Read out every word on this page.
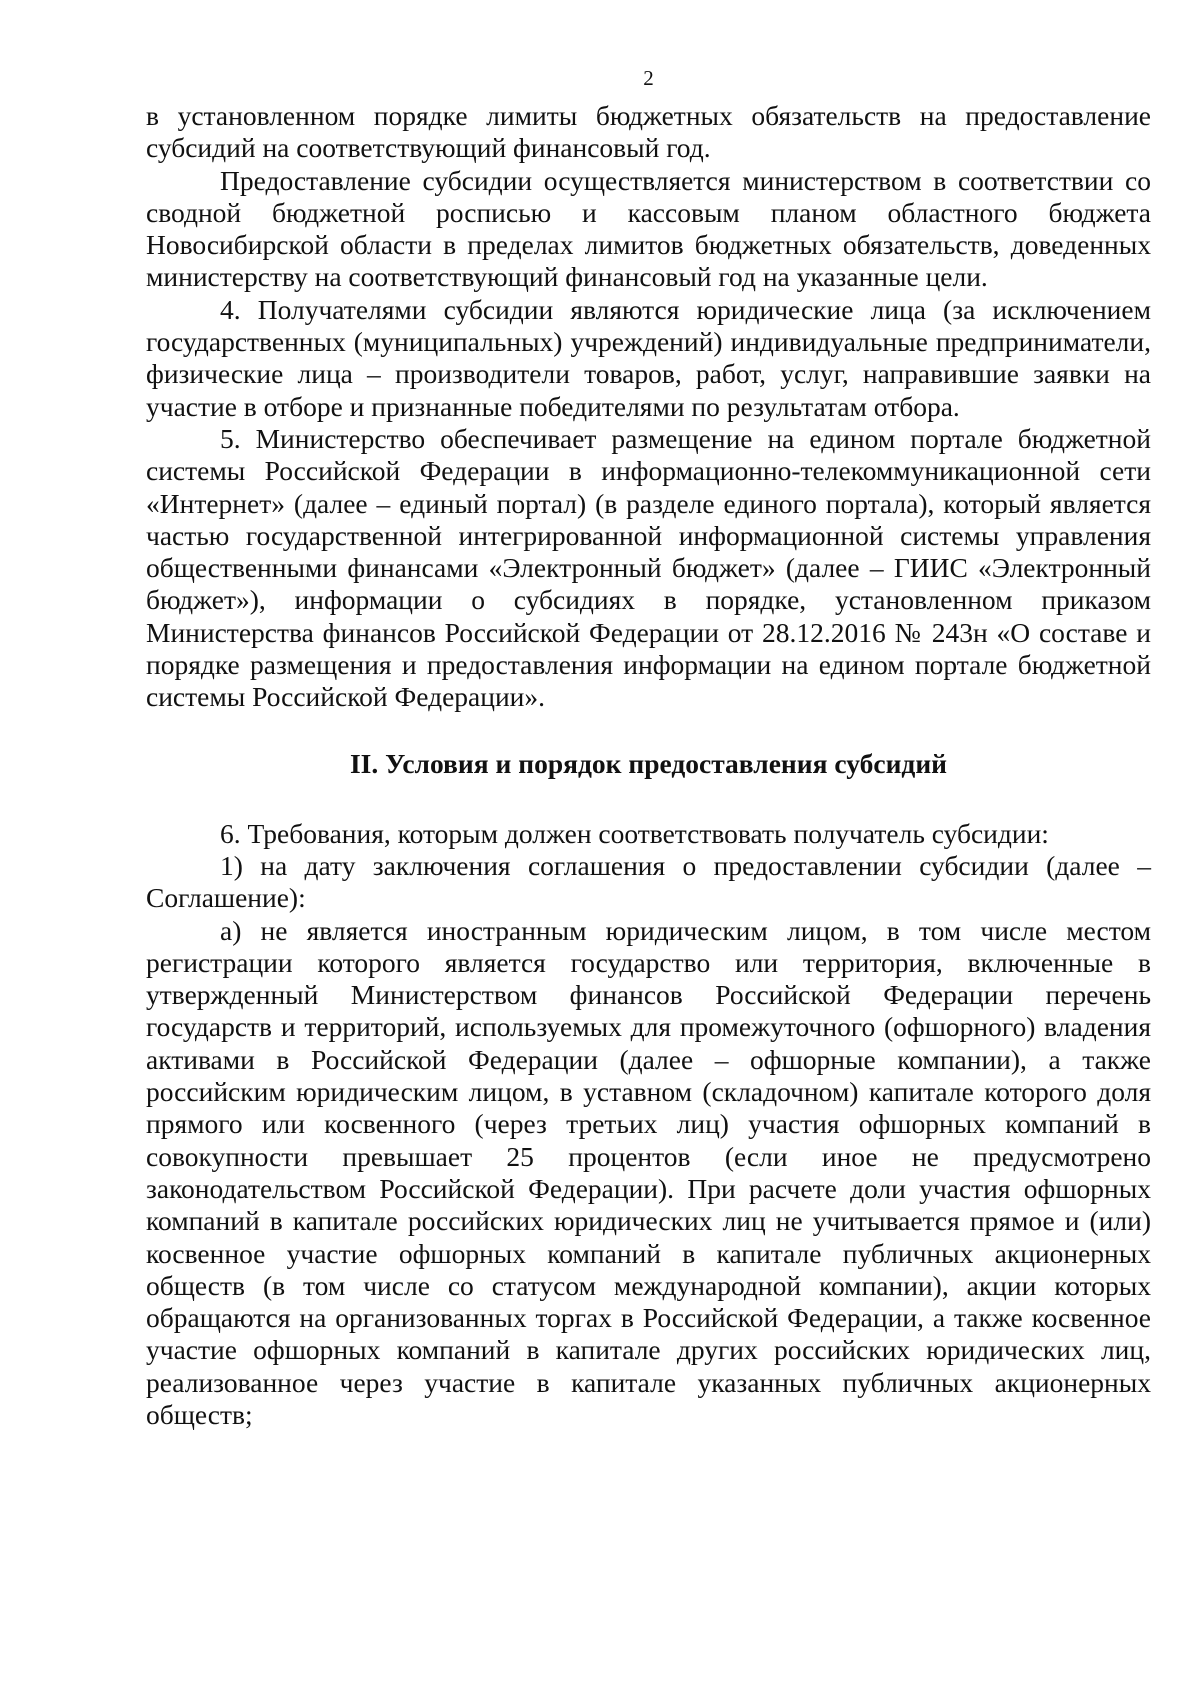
2

в установленном порядке лимиты бюджетных обязательств на предоставление субсидий на соответствующий финансовый год.

Предоставление субсидии осуществляется министерством в соответствии со сводной бюджетной росписью и кассовым планом областного бюджета Новосибирской области в пределах лимитов бюджетных обязательств, доведенных министерству на соответствующий финансовый год на указанные цели.

4. Получателями субсидии являются юридические лица (за исключением государственных (муниципальных) учреждений) индивидуальные предприниматели, физические лица – производители товаров, работ, услуг, направившие заявки на участие в отборе и признанные победителями по результатам отбора.

5. Министерство обеспечивает размещение на едином портале бюджетной системы Российской Федерации в информационно-телекоммуникационной сети «Интернет» (далее – единый портал) (в разделе единого портала), который является частью государственной интегрированной информационной системы управления общественными финансами «Электронный бюджет» (далее – ГИИС «Электронный бюджет»), информации о субсидиях в порядке, установленном приказом Министерства финансов Российской Федерации от 28.12.2016 № 243н «О составе и порядке размещения и предоставления информации на едином портале бюджетной системы Российской Федерации».

II. Условия и порядок предоставления субсидий

6. Требования, которым должен соответствовать получатель субсидии:

1) на дату заключения соглашения о предоставлении субсидии (далее – Соглашение):

а) не является иностранным юридическим лицом, в том числе местом регистрации которого является государство или территория, включенные в утвержденный Министерством финансов Российской Федерации перечень государств и территорий, используемых для промежуточного (офшорного) владения активами в Российской Федерации (далее – офшорные компании), а также российским юридическим лицом, в уставном (складочном) капитале которого доля прямого или косвенного (через третьих лиц) участия офшорных компаний в совокупности превышает 25 процентов (если иное не предусмотрено законодательством Российской Федерации). При расчете доли участия офшорных компаний в капитале российских юридических лиц не учитывается прямое и (или) косвенное участие офшорных компаний в капитале публичных акционерных обществ (в том числе со статусом международной компании), акции которых обращаются на организованных торгах в Российской Федерации, а также косвенное участие офшорных компаний в капитале других российских юридических лиц, реализованное через участие в капитале указанных публичных акционерных обществ;
